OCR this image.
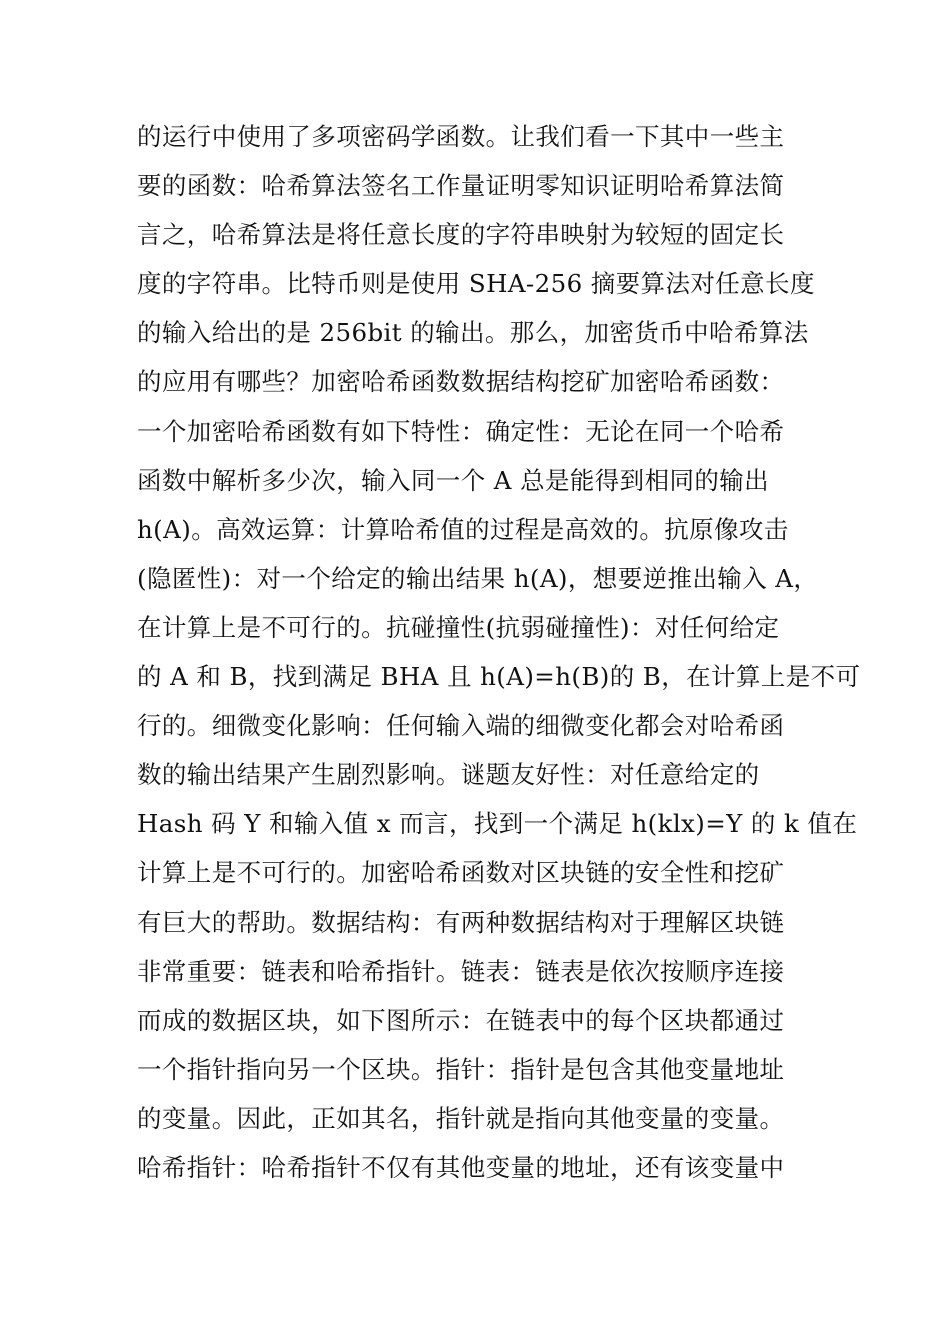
的运行中使用了多项密码学函数。让我们看一下其中一些主
要的函数：哈希算法签名工作量证明零知识证明哈希算法简
言之，哈希算法是将任意长度的字符串映射为较短的固定长
度的字符串。比特币则是使用 SHA-256 摘要算法对任意长度
的输入给出的是 256bit 的输出。那么，加密货币中哈希算法
的应用有哪些？加密哈希函数数据结构挖矿加密哈希函数：
一个加密哈希函数有如下特性：确定性：无论在同一个哈希
函数中解析多少次，输入同一个 A 总是能得到相同的输出
h(A)。高效运算：计算哈希值的过程是高效的。抗原像攻击
(隐匿性)：对一个给定的输出结果 h(A)，想要逆推出输入 A，
在计算上是不可行的。抗碰撞性(抗弱碰撞性)：对任何给定
的 A 和 B，找到满足 BHA 且 h(A)=h(B)的 B，在计算上是不可
行的。细微变化影响：任何输入端的细微变化都会对哈希函
数的输出结果产生剧烈影响。谜题友好性：对任意给定的
Hash 码 Y 和输入值 x 而言，找到一个满足 h(klx)=Y 的 k 值在
计算上是不可行的。加密哈希函数对区块链的安全性和挖矿
有巨大的帮助。数据结构：有两种数据结构对于理解区块链
非常重要：链表和哈希指针。链表：链表是依次按顺序连接
而成的数据区块，如下图所示：在链表中的每个区块都通过
一个指针指向另一个区块。指针：指针是包含其他变量地址
的变量。因此，正如其名，指针就是指向其他变量的变量。
哈希指针：哈希指针不仅有其他变量的地址，还有该变量中
